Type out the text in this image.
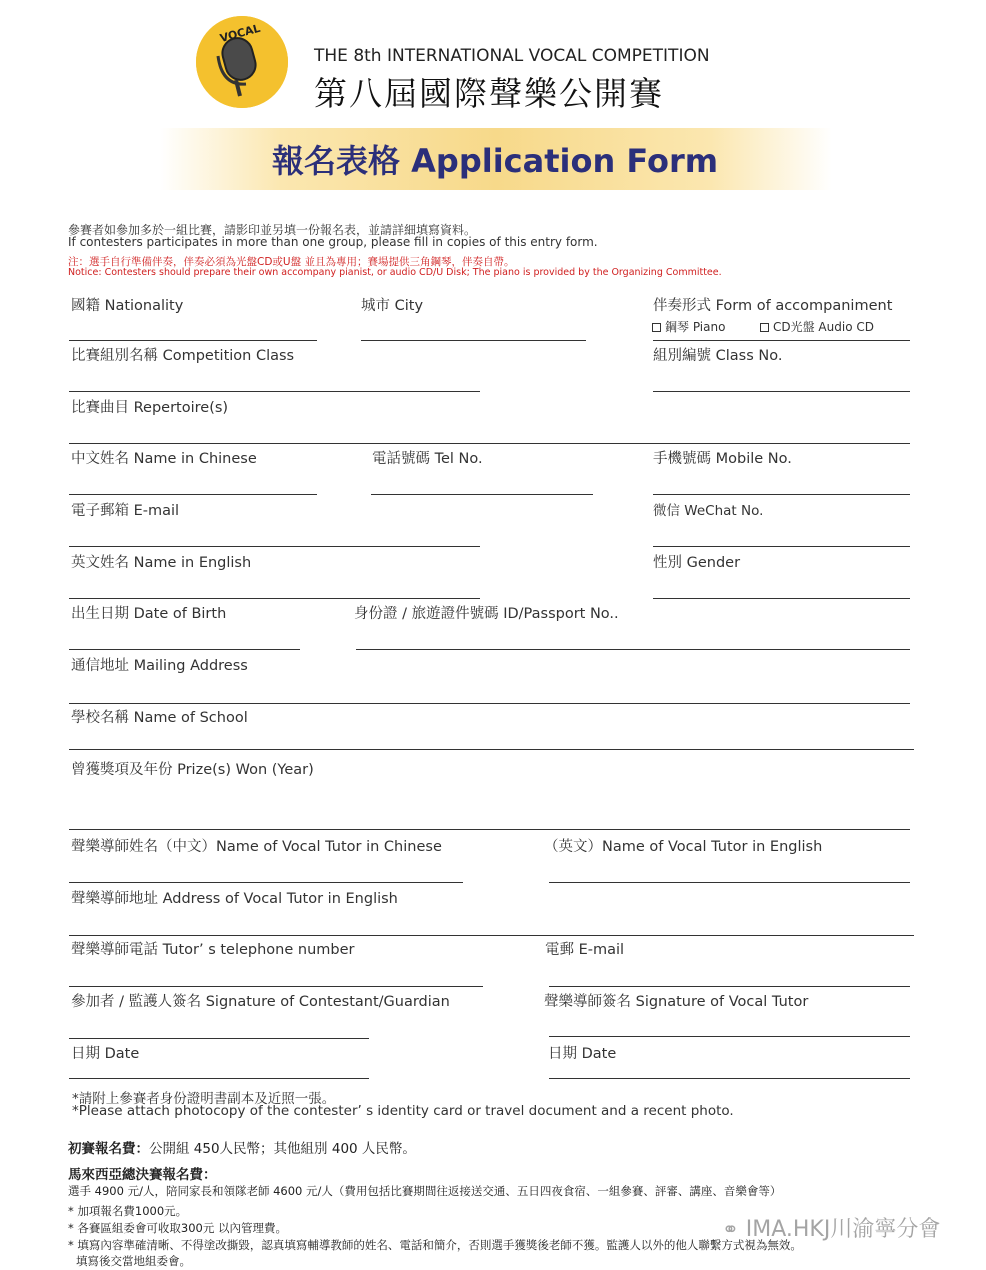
VOCAL
THE 8th INTERNATIONAL VOCAL COMPETITION
第八屆國際聲樂公開賽
報名表格 Application Form
參賽者如參加多於一組比賽，請影印並另填一份報名表，並請詳細填寫資料。
If contesters participates in more than one group, please fill in copies of this entry form.
注：選手自行準備伴奏，伴奏必須為光盤CD或U盤 並且為專用；賽場提供三角鋼琴，伴奏自帶。
Notice: Contesters should prepare their own accompany pianist, or audio CD/U Disk; The piano is provided by the Organizing Committee.
國籍 Nationality	城市 City	伴奏形式 Form of accompaniment
鋼琴 Piano	CD光盤 Audio CD
比賽組別名稱 Competition Class	組別編號 Class No.
比賽曲目 Repertoire(s)
中文姓名 Name in Chinese	電話號碼 Tel No.	手機號碼 Mobile No.
電子郵箱 E-mail	微信 WeChat No.
英文姓名 Name in English	性別 Gender
出生日期 Date of Birth	身份證 / 旅遊證件號碼 ID/Passport No..
通信地址 Mailing Address
學校名稱 Name of School
曾獲獎項及年份 Prize(s) Won (Year)
聲樂導師姓名（中文）Name of Vocal Tutor in Chinese	（英文）Name of Vocal Tutor in English
聲樂導師地址 Address of Vocal Tutor in English
聲樂導師電話 Tutor’ s telephone number	電郵 E-mail
參加者 / 監護人簽名 Signature of Contestant/Guardian	聲樂導師簽名 Signature of Vocal Tutor
日期 Date	日期 Date
*請附上參賽者身份證明書副本及近照一張。
*Please attach photocopy of the contester’ s identity card or travel document and a recent photo.
初賽報名費：公開組 450人民幣；其他組別 400 人民幣。
馬來西亞總決賽報名費：
選手 4900 元/人，陪同家長和領隊老師 4600 元/人（費用包括比賽期間往返接送交通、五日四夜食宿、一組參賽、評審、講座、音樂會等）
* 加項報名費1000元。
* 各賽區組委會可收取300元 以內管理費。
* 填寫內容準確清晰、不得塗改撕毀，認真填寫輔導教師的姓名、電話和簡介，否則選手獲獎後老師不獲。監護人以外的他人聯繫方式視為無效。
填寫後交當地組委會。
⚭ IMA.HKJ川渝寧分會
